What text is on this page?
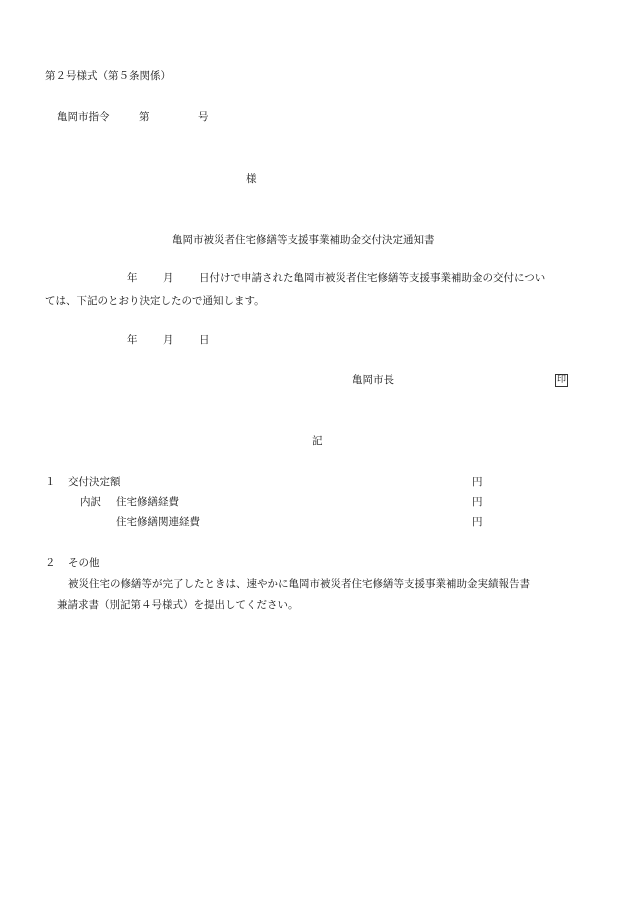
第２号様式（第５条関係）
亀岡市指令	第	号
様
亀岡市被災者住宅修繕等支援事業補助金交付決定通知書
年 月 日付けで申請された亀岡市被災者住宅修繕等支援事業補助金の交付につい
ては、下記のとおり決定したので通知します。
年 月 日
亀岡市長	印
記
１ 交付決定額	円
内訳 住宅修繕経費	円
住宅修繕関連経費	円
２ その他
被災住宅の修繕等が完了したときは、速やかに亀岡市被災者住宅修繕等支援事業補助金実績報告書
兼請求書（別記第４号様式）を提出してください。
